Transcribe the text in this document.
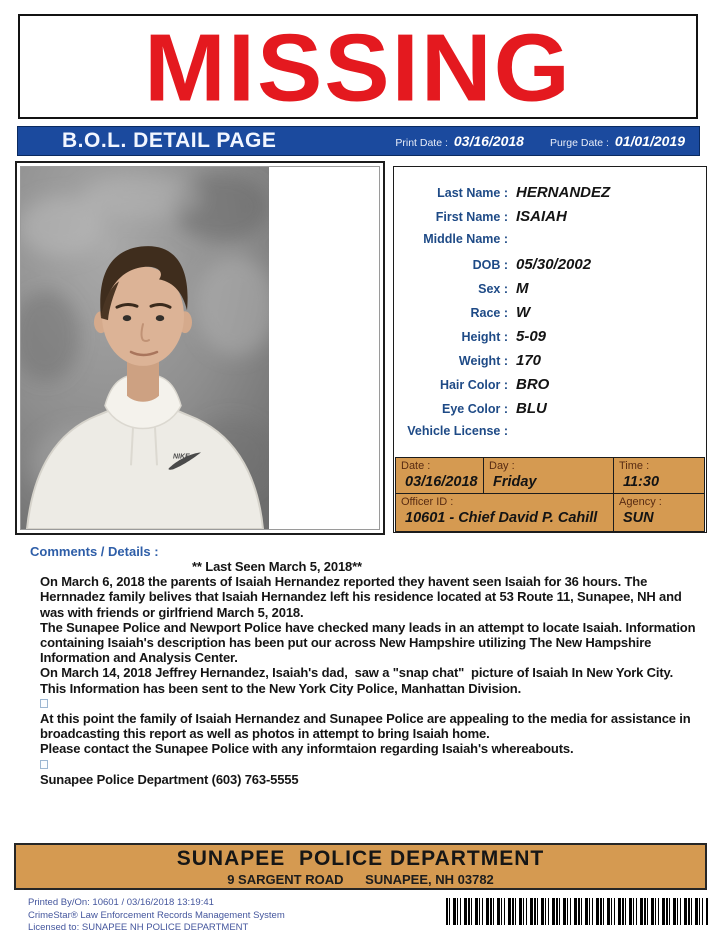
MISSING
B.O.L. DETAIL PAGE	Print Date : 03/16/2018 Purge Date : 01/01/2019
NIKE
Last Name : HERNANDEZ
First Name : ISAIAH
Middle Name :
DOB : 05/30/2002
Sex : M
Race : W
Height : 5-09
Weight : 170
Hair Color : BRO
Eye Color : BLU
Vehicle License :
Date :
03/16/2018
Day :
Friday
Time :
11:30
Officer ID :
10601 - Chief David P. Cahill
Agency :
SUN
Comments / Details :
** Last Seen March 5, 2018**
On March 6, 2018 the parents of Isaiah Hernandez reported they havent seen Isaiah for 36 hours. The
Hernnadez family belives that Isaiah Hernandez left his residence located at 53 Route 11, Sunapee, NH and
was with friends or girlfriend March 5, 2018.
The Sunapee Police and Newport Police have checked many leads in an attempt to locate Isaiah. Information
containing Isaiah's description has been put our across New Hampshire utilizing The New Hampshire
Information and Analysis Center.
On March 14, 2018 Jeffrey Hernandez, Isaiah's dad,  saw a "snap chat"  picture of Isaiah In New York City.
This Information has been sent to the New York City Police, Manhattan Division.
At this point the family of Isaiah Hernandez and Sunapee Police are appealing to the media for assistance in
broadcasting this report as well as photos in attempt to bring Isaiah home.
Please contact the Sunapee Police with any informtaion regarding Isaiah's whereabouts.
Sunapee Police Department (603) 763-5555
SUNAPEE  POLICE DEPARTMENT
9 SARGENT ROAD      SUNAPEE, NH 03782
Printed By/On: 10601 / 03/16/2018 13:19:41
CrimeStar® Law Enforcement Records Management System
Licensed to: SUNAPEE NH POLICE DEPARTMENT
